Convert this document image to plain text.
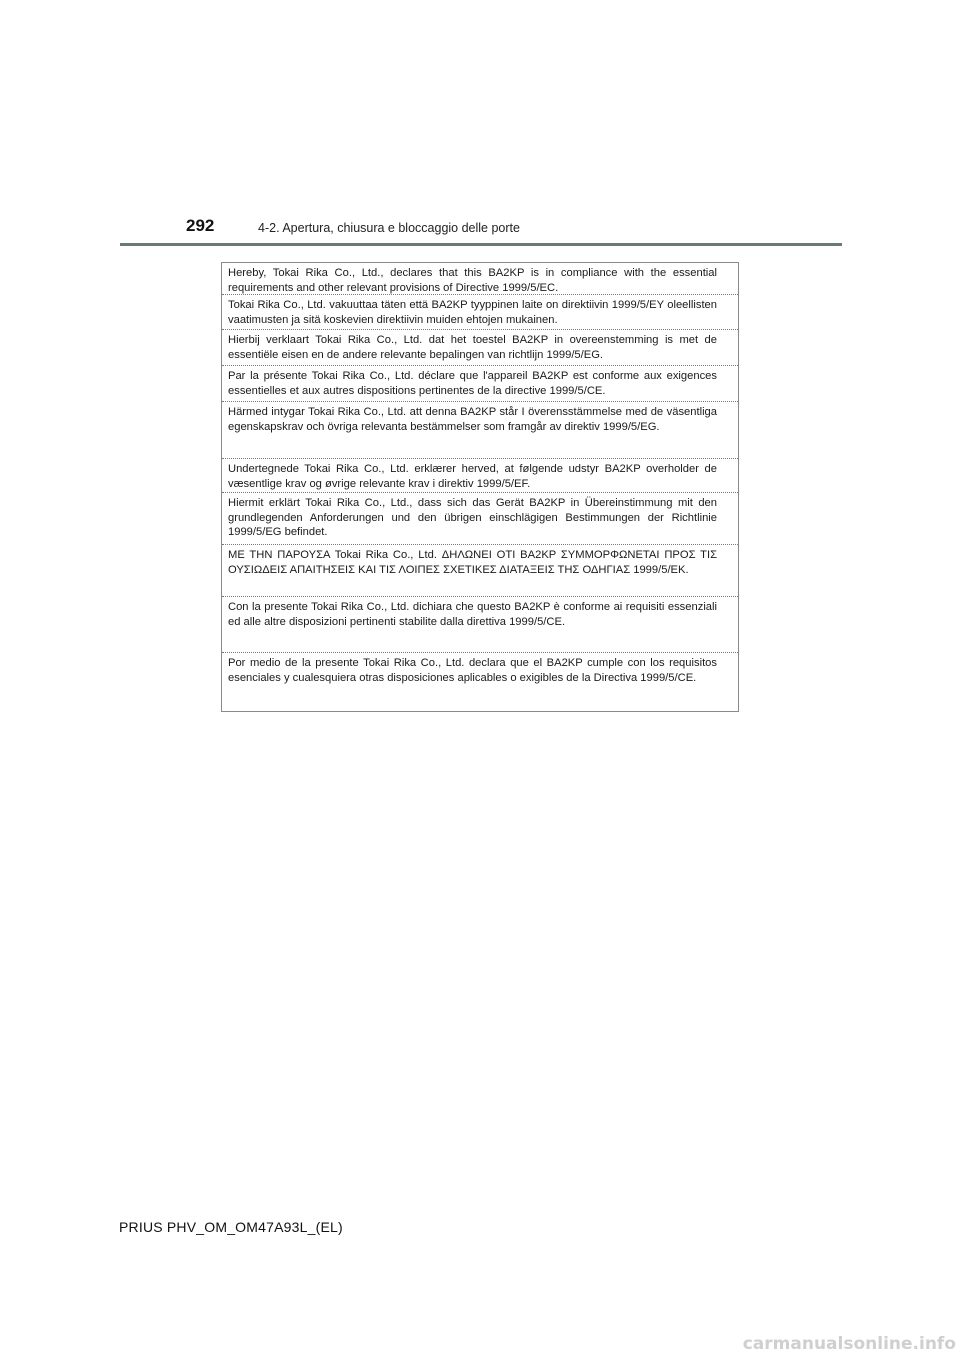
292	4-2. Apertura, chiusura e bloccaggio delle porte

Hereby, Tokai Rika Co., Ltd., declares that this BA2KP is in compliance with the essential requirements and other relevant provisions of Directive 1999/5/EC.

Tokai Rika Co., Ltd. vakuuttaa täten että BA2KP tyyppinen laite on direktiivin 1999/5/EY oleellisten vaatimusten ja sitä koskevien direktiivin muiden ehtojen mukainen.

Hierbij verklaart Tokai Rika Co., Ltd. dat het toestel BA2KP in overeenstemming is met de essentiële eisen en de andere relevante bepalingen van richtlijn 1999/5/EG.

Par la présente Tokai Rika Co., Ltd. déclare que l'appareil BA2KP est conforme aux exigences essentielles et aux autres dispositions pertinentes de la directive 1999/5/CE.

Härmed intygar Tokai Rika Co., Ltd. att denna BA2KP står I överensstämmelse med de väsentliga egenskapskrav och övriga relevanta bestämmelser som framgår av direktiv 1999/5/EG.

Undertegnede Tokai Rika Co., Ltd. erklærer herved, at følgende udstyr BA2KP overholder de væsentlige krav og øvrige relevante krav i direktiv 1999/5/EF.

Hiermit erklärt Tokai Rika Co., Ltd., dass sich das Gerät BA2KP in Übereinstimmung mit den grundlegenden Anforderungen und den übrigen einschlägigen Bestimmungen der Richtlinie 1999/5/EG befindet.

ΜΕ ΤΗΝ ΠΑΡΟΥΣΑ Tokai Rika Co., Ltd. ΔΗΛΩΝΕΙ ΟΤΙ BA2KP ΣΥΜΜΟΡΦΩΝΕΤΑΙ ΠΡΟΣ ΤΙΣ ΟΥΣΙΩΔΕΙΣ ΑΠΑΙΤΗΣΕΙΣ ΚΑΙ ΤΙΣ ΛΟΙΠΕΣ ΣΧΕΤΙΚΕΣ ΔΙΑΤΑΞΕΙΣ ΤΗΣ ΟΔΗΓΙΑΣ 1999/5/ΕΚ.

Con la presente Tokai Rika Co., Ltd. dichiara che questo BA2KP è conforme ai requisiti essenziali ed alle altre disposizioni pertinenti stabilite dalla direttiva 1999/5/CE.

Por medio de la presente Tokai Rika Co., Ltd. declara que el BA2KP cumple con los requisitos esenciales y cualesquiera otras disposiciones aplicables o exigibles de la Directiva 1999/5/CE.

PRIUS PHV_OM_OM47A93L_(EL)
carmanualsonline.info
